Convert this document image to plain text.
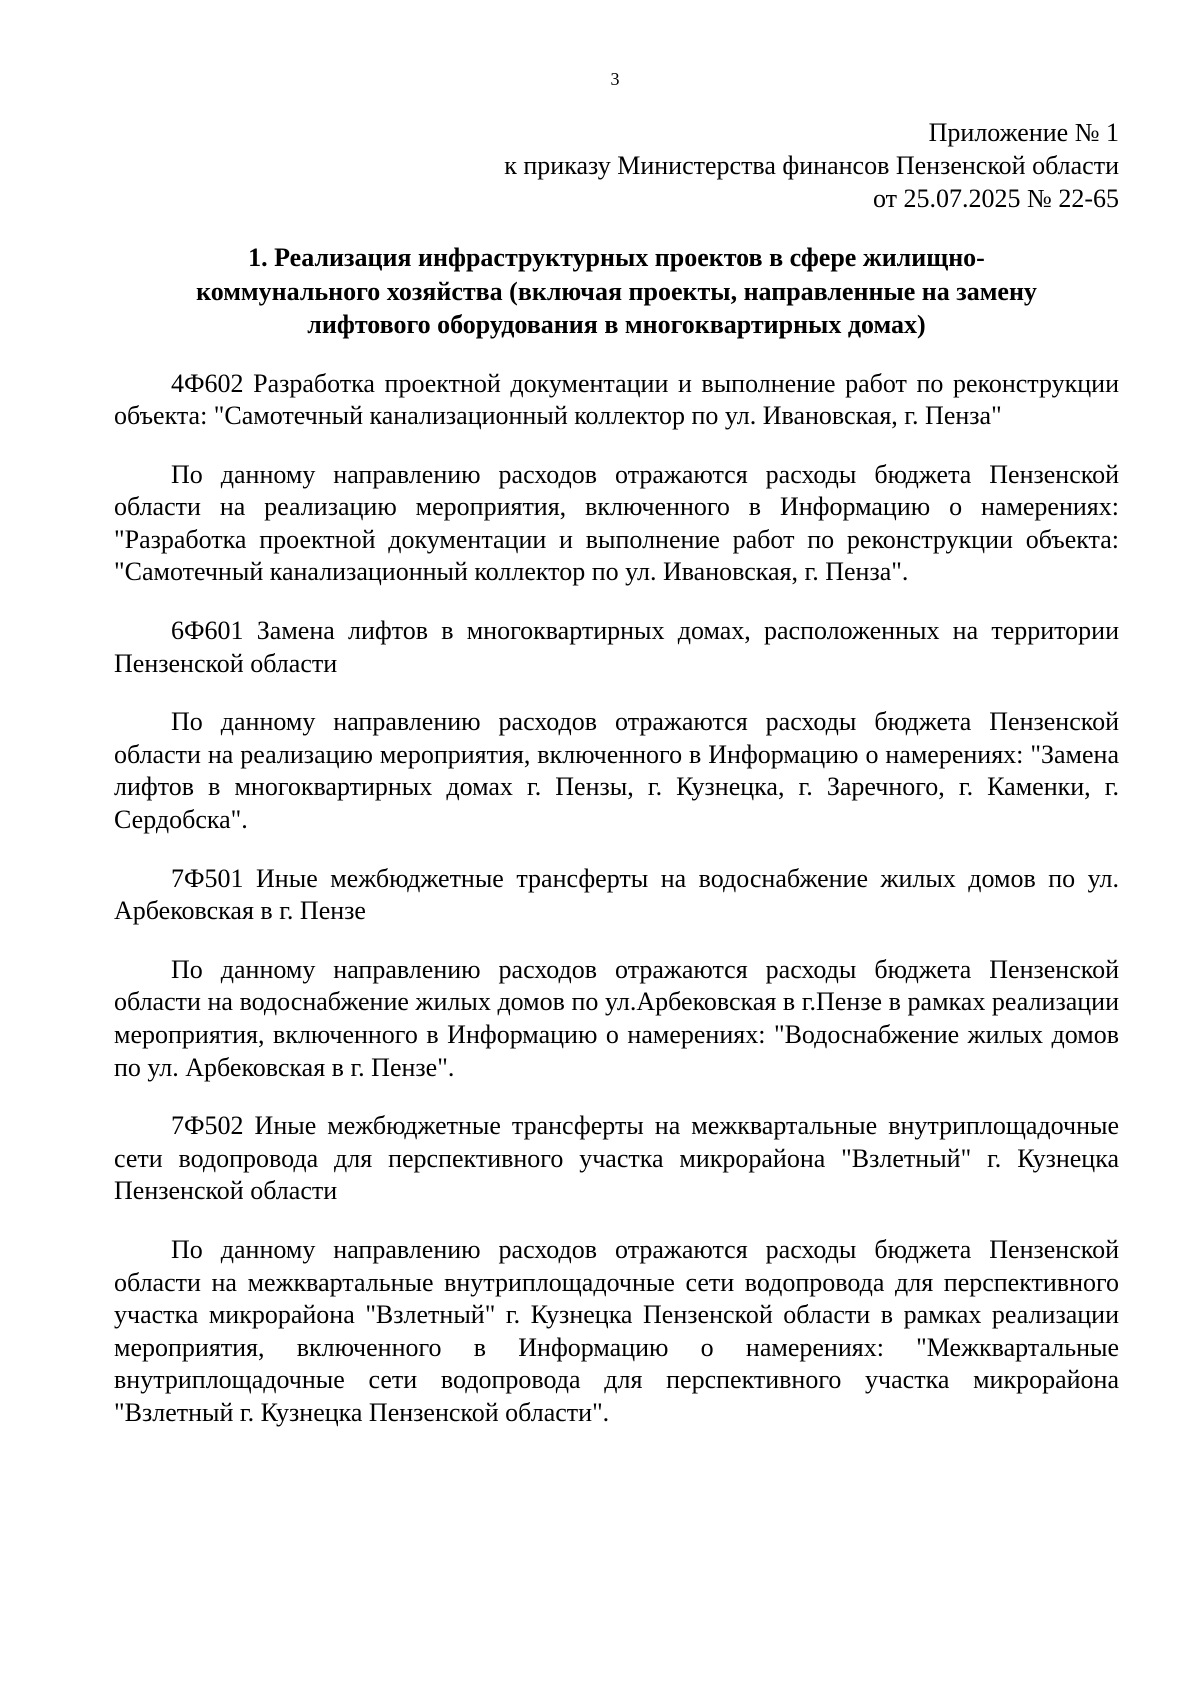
3
Приложение № 1
к приказу Министерства финансов Пензенской области
от 25.07.2025 № 22-65
1. Реализация инфраструктурных проектов в сфере жилищно-
коммунального хозяйства (включая проекты, направленные на замену
лифтового оборудования в многоквартирных домах)

4Ф602 Разработка проектной документации и выполнение работ по реконструкции объекта: "Самотечный канализационный коллектор по ул. Ивановская, г. Пенза"

По данному направлению расходов отражаются расходы бюджета Пензенской области на реализацию мероприятия, включенного в Информацию о намерениях: "Разработка проектной документации и выполнение работ по реконструкции объекта: "Самотечный канализационный коллектор по ул. Ивановская, г. Пенза".

6Ф601 Замена лифтов в многоквартирных домах, расположенных на территории Пензенской области

По данному направлению расходов отражаются расходы бюджета Пензенской области на реализацию мероприятия, включенного в Информацию о намерениях: "Замена лифтов в многоквартирных домах г. Пензы, г. Кузнецка, г. Заречного, г. Каменки, г. Сердобска".

7Ф501 Иные межбюджетные трансферты на водоснабжение жилых домов по ул. Арбековская в г. Пензе

По данному направлению расходов отражаются расходы бюджета Пензенской области на водоснабжение жилых домов по ул.Арбековская в г.Пензе в рамках реализации мероприятия, включенного в Информацию о намерениях: "Водоснабжение жилых домов по ул. Арбековская в г. Пензе".

7Ф502 Иные межбюджетные трансферты на межквартальные внутриплощадочные сети водопровода для перспективного участка микрорайона "Взлетный" г. Кузнецка Пензенской области

По данному направлению расходов отражаются расходы бюджета Пензенской области на межквартальные внутриплощадочные сети водопровода для перспективного участка микрорайона "Взлетный" г. Кузнецка Пензенской области в рамках реализации мероприятия, включенного в Информацию о намерениях: "Межквартальные внутриплощадочные сети водопровода для перспективного участка микрорайона "Взлетный г. Кузнецка Пензенской области".
